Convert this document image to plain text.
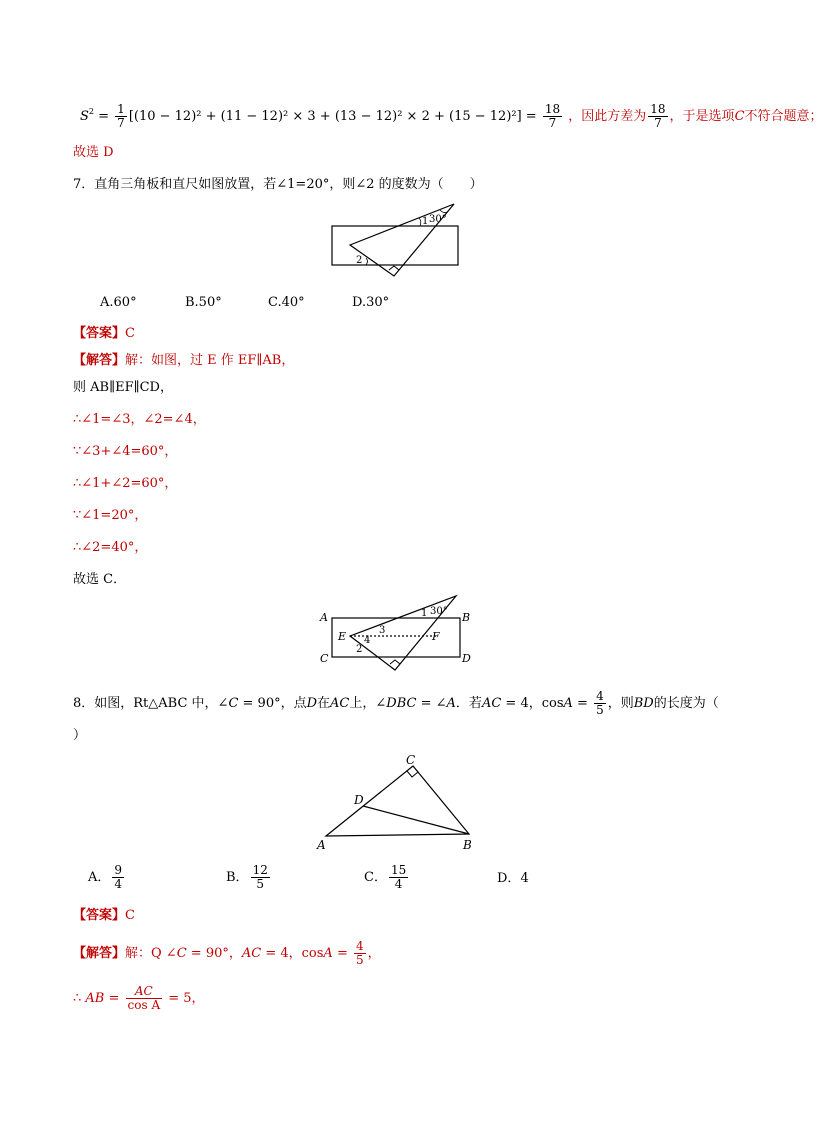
$S^2 = \frac{1}{7} [(10 - 12)^2 + (11 - 12)^2 \times 3 + (13 - 12)^2 \times 2 + (15 - 12)^2] = \frac{18}{7}$ ，因此方差为 $\frac{18}{7}$ ，于是选项C不符合题意；
故选 D
7．直角三角板和直尺如图放置，若∠1=20°，则∠2 的度数为（　　）
1
2
30°
A.60°	B.50°	C.40°	D.30°
【答案】C
【解答】解：如图，过 E 作 EF∥AB，
则 AB∥EF∥CD，
∴∠1=∠3，∠2=∠4，
∵∠3+∠4=60°，
∴∠1+∠2=60°，
∵∠1=20°，
∴∠2=40°，
故选 C．
A	B
C	D
E	F
1
2
3
4
30°
8．如图，Rt△ABC 中，∠C = 90°，点D在AC上，∠DBC = ∠A．若AC = 4，$\cos A = \frac{4}{5}$ ，则BD的长度为（
）
C
D
A	B
A． $\frac{9}{4}$	B． $\frac{12}{5}$	C． $\frac{15}{4}$	D．4
【答案】C
【解答】解：Q ∠C = 90°，AC = 4，$\cos A = \frac{4}{5}$ ，
∴ AB = $\frac{AC}{\text{cos A}} = 5$，
